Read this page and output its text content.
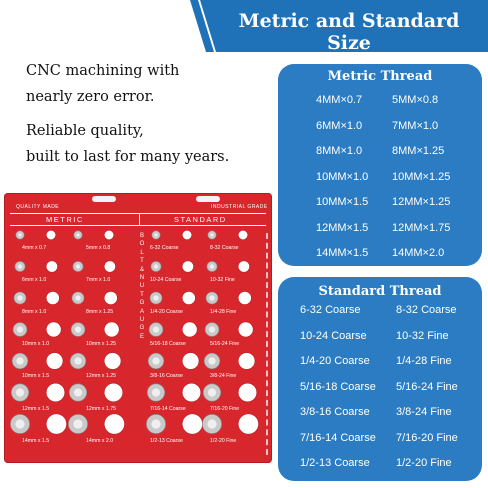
Metric and Standard Size
CNC machining with
nearly zero error.
Reliable quality,
built to last for many years.
Metric Thread
4MM×0.7	5MM×0.8
6MM×1.0	7MM×1.0
8MM×1.0	8MM×1.25
10MM×1.0 10MM×1.25
10MM×1.5 12MM×1.25
12MM×1.5 12MM×1.75
14MM×1.5 14MM×2.0
Standard Thread
6-32 Coarse	8-32 Coarse
10-24 Coarse	10-32 Fine
1/4-20 Coarse 1/4-28 Fine
5/16-18 Coarse 5/16-24 Fine
3/8-16 Coarse 3/8-24 Fine
7/16-14 Coarse 7/16-20 Fine
1/2-13 Coarse 1/2-20 Fine
QUALITY MADE	INDUSTRIAL GRADE
METRIC	STANDARD
4mm x 0.7	6-32 Coarse
5mm x 0.8	8-32 Coarse
6mm x 1.0	10-24 Coarse
7mm x 1.0	10-32 Fine
8mm x 1.0	1/4-20 Coarse
8mm x 1.25	1/4-28 Fine
10mm x 1.0	5/16-18 Coarse
10mm x 1.25	5/16-24 Fine
10mm x 1.5	3/8-16 Coarse
12mm x 1.25	3/8-24 Fine
12mm x 1.5	7/16-14 Coarse
12mm x 1.75	7/16-20 Fine
14mm x 1.5	1/2-13 Coarse
14mm x 2.0	1/2-20 Fine
B
O
L
T
&
N
U
T
G
A
U
G
E
